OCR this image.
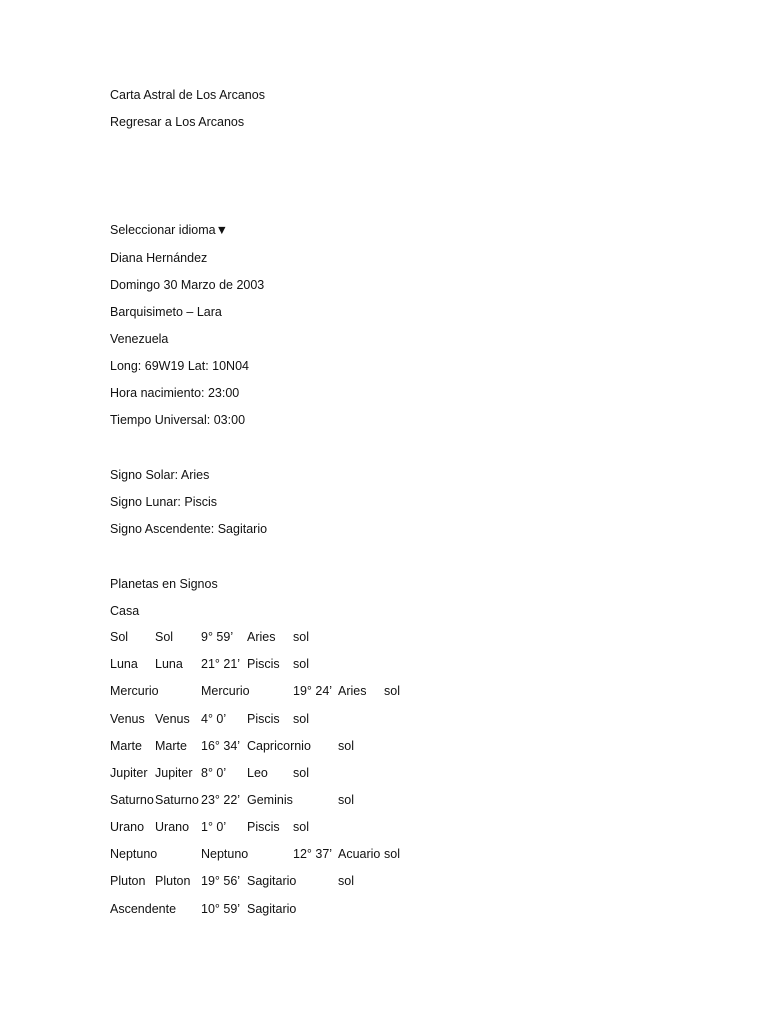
Carta Astral de Los Arcanos
Regresar a Los Arcanos
Seleccionar idioma▼
Diana Hernández
Domingo 30 Marzo de 2003
Barquisimeto – Lara
Venezuela
Long: 69W19 Lat: 10N04
Hora nacimiento: 23:00
Tiempo Universal: 03:00
Signo Solar: Aries
Signo Lunar: Piscis
Signo Ascendente: Sagitario
Planetas en Signos
Casa
Sol Sol 9° 59’ Aries sol
Luna Luna 21° 21’ Piscis sol
Mercurio	Mercurio	19° 24’ Aries sol
Venus Venus 4° 0’ Piscis sol
Marte Marte 16° 34’ Capricornio sol
Jupiter Jupiter 8° 0’ Leo sol
Saturno Saturno 23° 22’ Geminis	sol
Urano Urano 1° 0’ Piscis sol
Neptuno	Neptuno	12° 37’ Acuario sol
Pluton Pluton 19° 56’ Sagitario	sol
Ascendente 10° 59’ Sagitario
